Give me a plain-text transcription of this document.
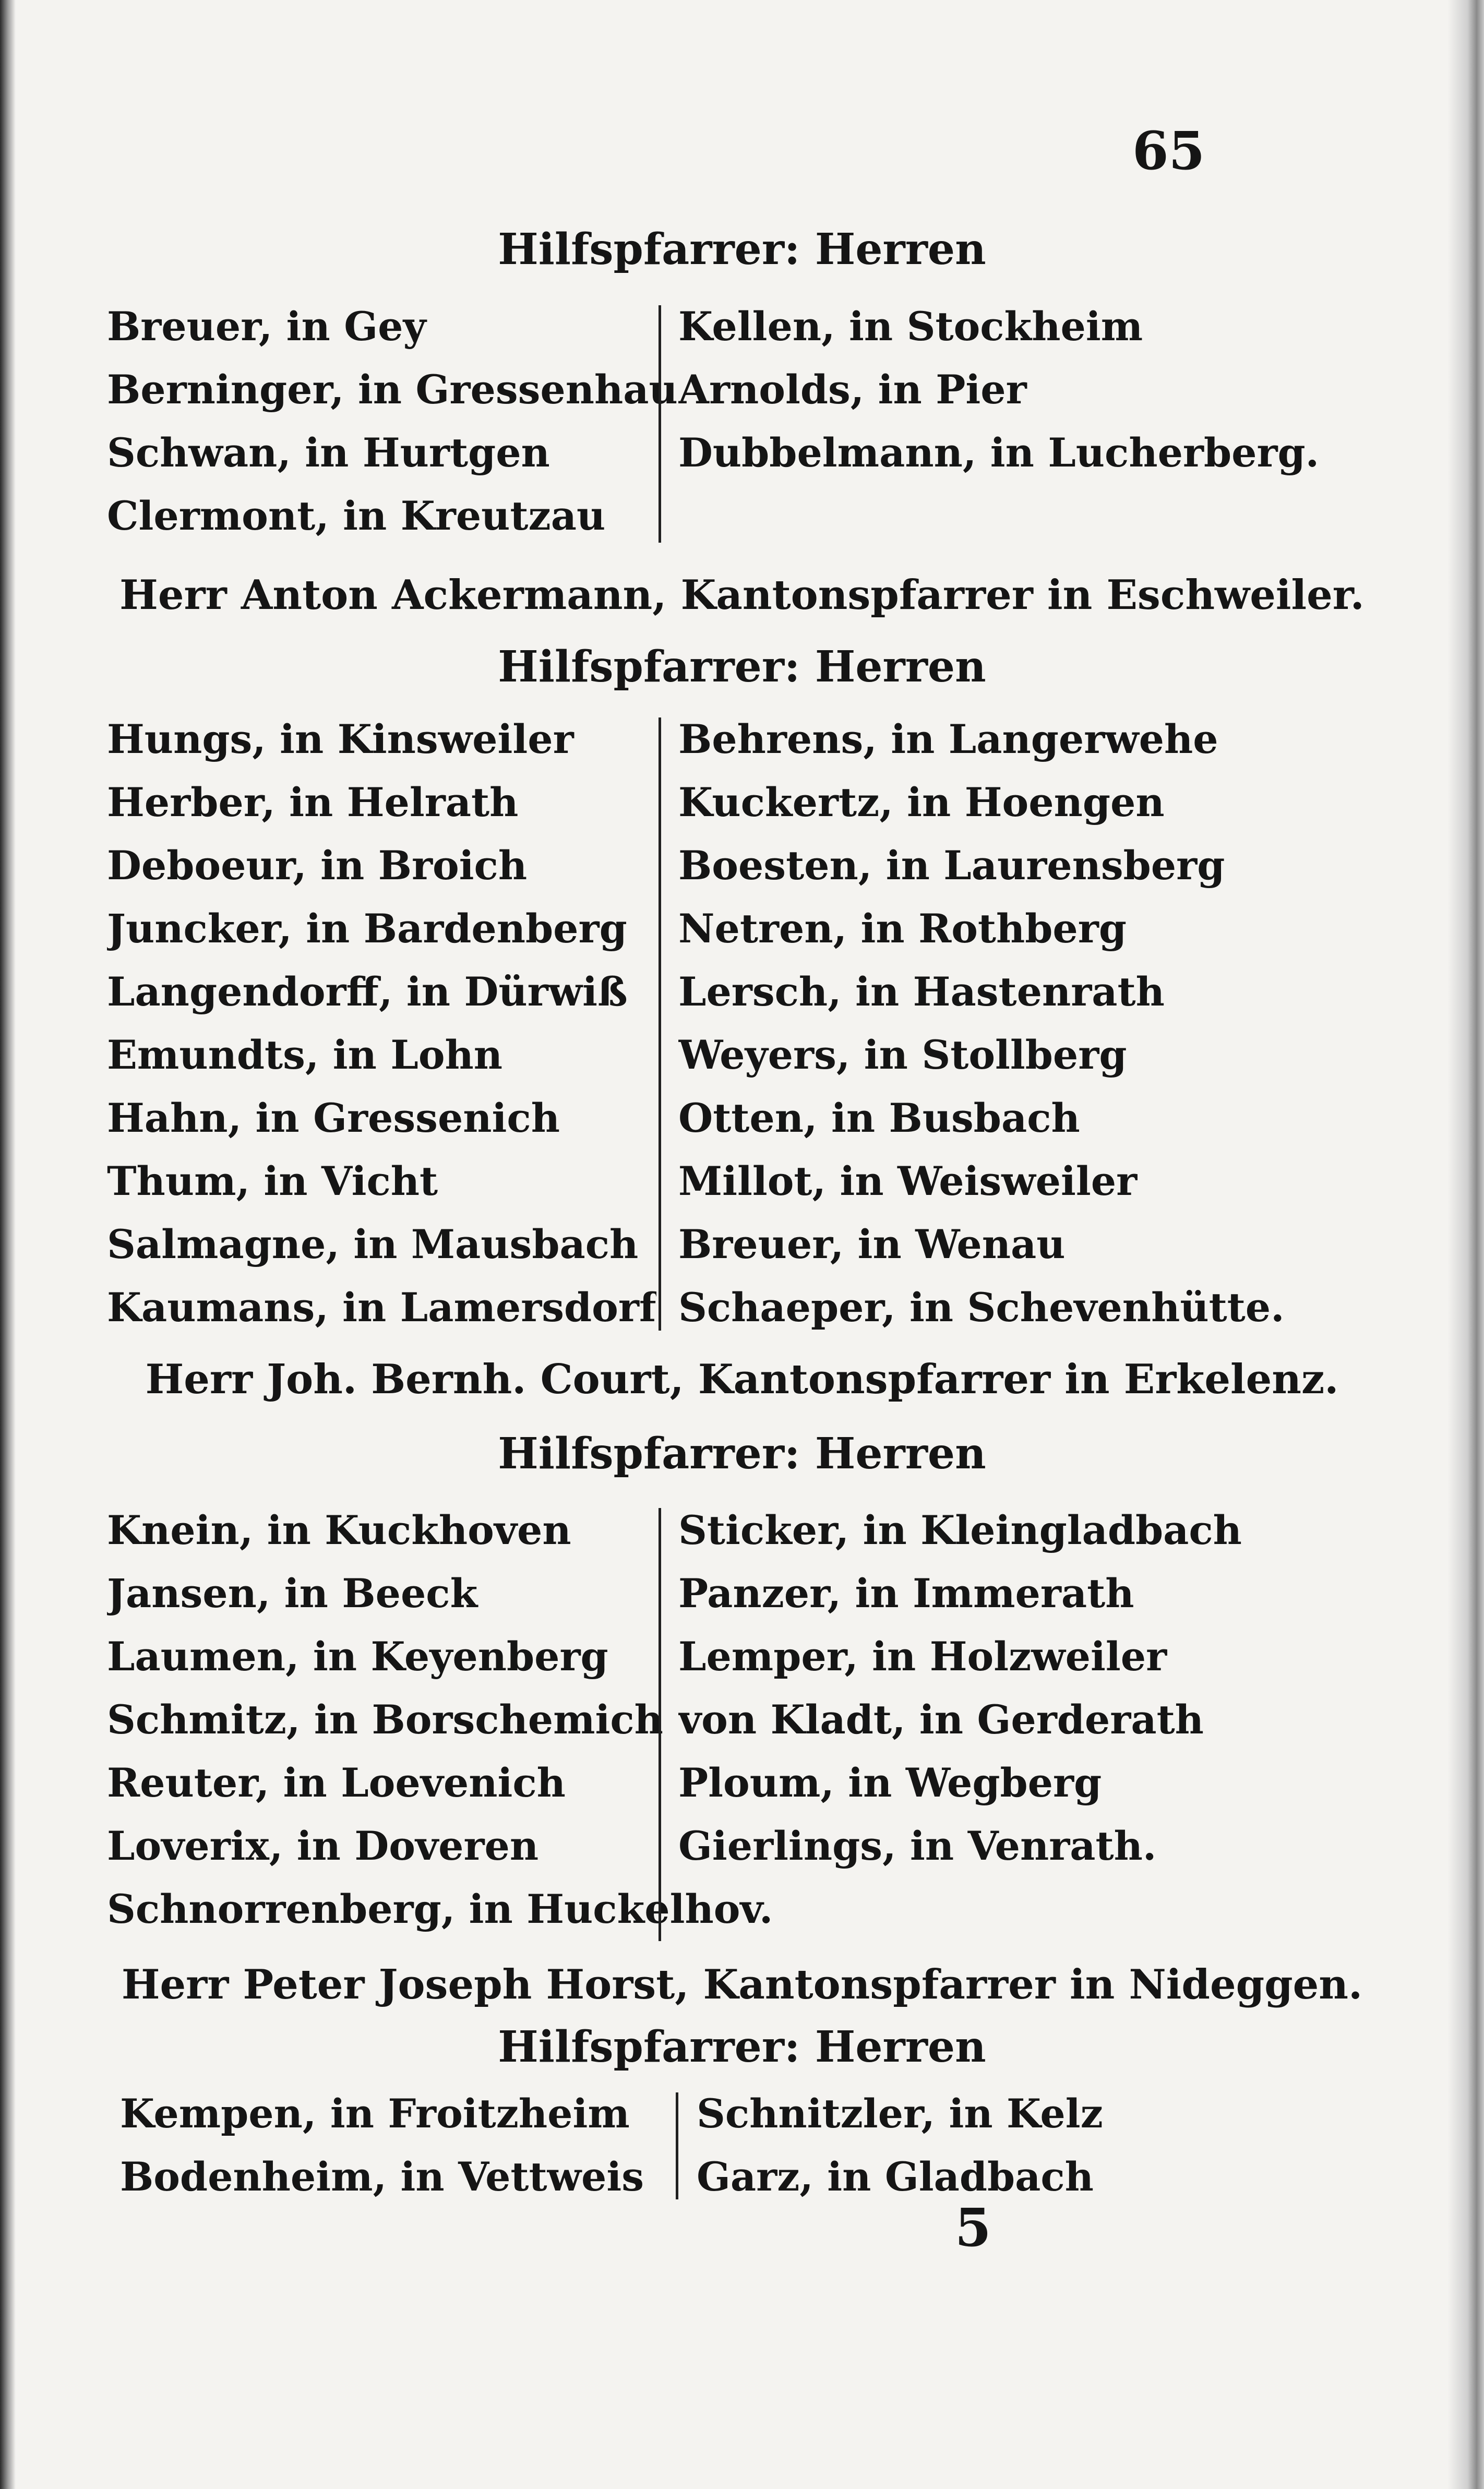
65
Hilfspfarrer: Herren
Breuer, in Gey
Berninger, in Gressenhau
Schwan, in Hurtgen
Clermont, in Kreutzau
Kellen, in Stockheim
Arnolds, in Pier
Dubbelmann, in Lucherberg.
Herr Anton Ackermann, Kantonspfarrer in Eschweiler.
Hilfspfarrer: Herren
Hungs, in Kinsweiler
Herber, in Helrath
Deboeur, in Broich
Juncker, in Bardenberg
Langendorff, in Dürwiß
Emundts, in Lohn
Hahn, in Gressenich
Thum, in Vicht
Salmagne, in Mausbach
Kaumans, in Lamersdorf
Behrens, in Langerwehe
Kuckertz, in Hoengen
Boesten, in Laurensberg
Netren, in Rothberg
Lersch, in Hastenrath
Weyers, in Stollberg
Otten, in Busbach
Millot, in Weisweiler
Breuer, in Wenau
Schaeper, in Schevenhütte.
Herr Joh. Bernh. Court, Kantonspfarrer in Erkelenz.
Hilfspfarrer: Herren
Knein, in Kuckhoven
Jansen, in Beeck
Laumen, in Keyenberg
Schmitz, in Borschemich
Reuter, in Loevenich
Loverix, in Doveren
Schnorrenberg, in Huckelhov.
Sticker, in Kleingladbach
Panzer, in Immerath
Lemper, in Holzweiler
von Kladt, in Gerderath
Ploum, in Wegberg
Gierlings, in Venrath.
Herr Peter Joseph Horst, Kantonspfarrer in Nideggen.
Hilfspfarrer: Herren
Kempen, in Froitzheim
Bodenheim, in Vettweis
Schnitzler, in Kelz
Garz, in Gladbach
5
